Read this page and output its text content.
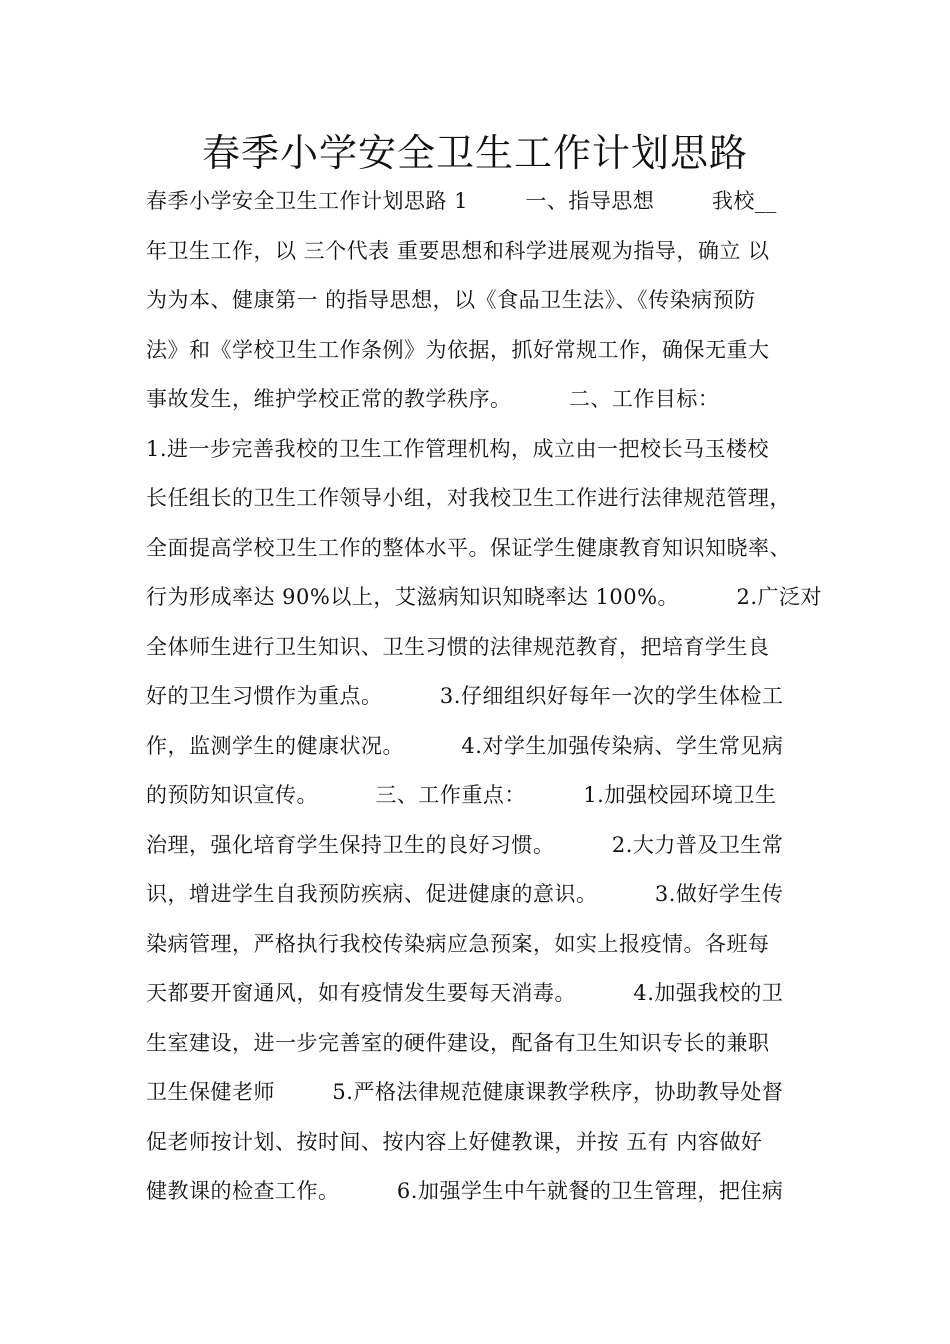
春季小学安全卫生工作计划思路
春季小学安全卫生工作计划思路 1        一、指导思想        我校__
年卫生工作，以 三个代表 重要思想和科学进展观为指导，确立 以
为为本、健康第一 的指导思想，以《食品卫生法》、《传染病预防
法》和《学校卫生工作条例》为依据，抓好常规工作，确保无重大
事故发生，维护学校正常的教学秩序。        二、工作目标：
1.进一步完善我校的卫生工作管理机构，成立由一把校长马玉楼校
长任组长的卫生工作领导小组，对我校卫生工作进行法律规范管理，
全面提高学校卫生工作的整体水平。保证学生健康教育知识知晓率、
行为形成率达 90%以上，艾滋病知识知晓率达 100%。        2.广泛对
全体师生进行卫生知识、卫生习惯的法律规范教育，把培育学生良
好的卫生习惯作为重点。        3.仔细组织好每年一次的学生体检工
作，监测学生的健康状况。        4.对学生加强传染病、学生常见病
的预防知识宣传。        三、工作重点：        1.加强校园环境卫生
治理，强化培育学生保持卫生的良好习惯。        2.大力普及卫生常
识，增进学生自我预防疾病、促进健康的意识。        3.做好学生传
染病管理，严格执行我校传染病应急预案，如实上报疫情。各班每
天都要开窗通风，如有疫情发生要每天消毒。        4.加强我校的卫
生室建设，进一步完善室的硬件建设，配备有卫生知识专长的兼职
卫生保健老师        5.严格法律规范健康课教学秩序，协助教导处督
促老师按计划、按时间、按内容上好健教课，并按 五有 内容做好
健教课的检查工作。        6.加强学生中午就餐的卫生管理，把住病
